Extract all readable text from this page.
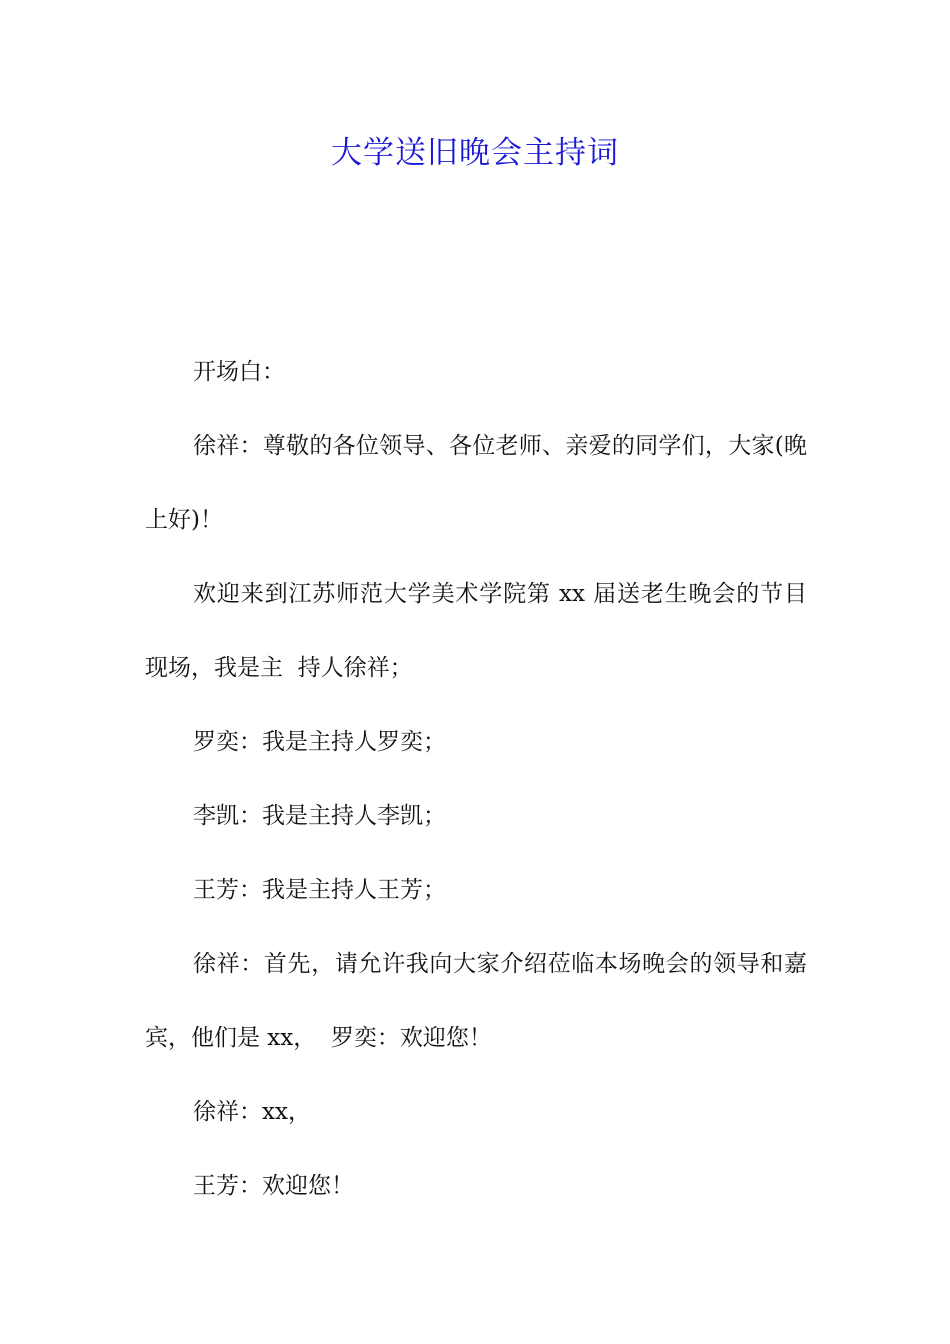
大学送旧晚会主持词

开场白：

徐祥：尊敬的各位领导、各位老师、亲爱的同学们，大家(晚上好)！

欢迎来到江苏师范大学美术学院第 xx 届送老生晚会的节目现场，我是主  持人徐祥；

罗奕：我是主持人罗奕；

李凯：我是主持人李凯；

王芳：我是主持人王芳；

徐祥：首先，请允许我向大家介绍莅临本场晚会的领导和嘉宾，他们是 xx，  罗奕：欢迎您！

徐祥：xx，

王芳：欢迎您！
